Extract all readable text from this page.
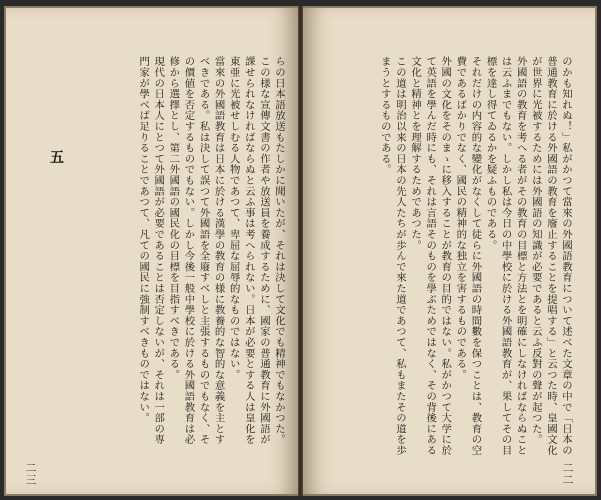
五	らの日本語放送もたしかに聞いたが、それは決して文化でも精神でもなかつた。この様な宣傳文書の作者や放送員を養成するために、國家の普通教育に外國語が課せられなければならぬと云ふ事は考へられない。日本が必要とする人は皇化を東亜に光被せしむる人物であつて、卑屈な屈辱的なものではない。
當來の外國語教育は日本に於ける漢學の教育の様に教養的な智的な意義を主とすべきである。私は決して誤つて外國語を全廢すべしと主張するものでもなく、その價値を否定するものでもない。しかし今後一般中學校に於ける外國語教育は必修から選擇とし、第二外國語の國民化の目標を目指すべきである。
現代の日本人にとつて外國語が必要であることは否定しないが、それは一部の専門家が學べば足りることであつて、凡ての國民に強制すべきものではない。
二三
のかも知れぬ！」私がかつて當來の外國語教育について述べた文章の中で「日本の普通教育に於ける外國語の教育を廢止することを提唱する」と云つた時、皇國文化が世界に光被するためには外國語の知識が必要であると云ふ反對の聲が起つた。
外國語の教育を考へる者がその教育の目標と方法とを明確にしなければならぬことは云ふまでもない。しかし私は今日の中學校に於ける外國語教育が、果してその目標を達し得てゐるかを疑ふものである。
それだけの内容的な變化がなくして徒らに外國語の時間數を保つことは、教育の空費であるばかりでなく、國民の精神的な独立を害するものである。
外國の文化をそのまゝに移入することが教育の目的ではない。私がかつて大学に於て英語を學んだ時にも、それは言語そのものを學ぶためではなく、その背後にある文化と精神とを理解するためであつた。
この道は明治以来の日本の先人たちが歩んで來た道であつて、私もまたその道を歩まうとするものである。
二二
